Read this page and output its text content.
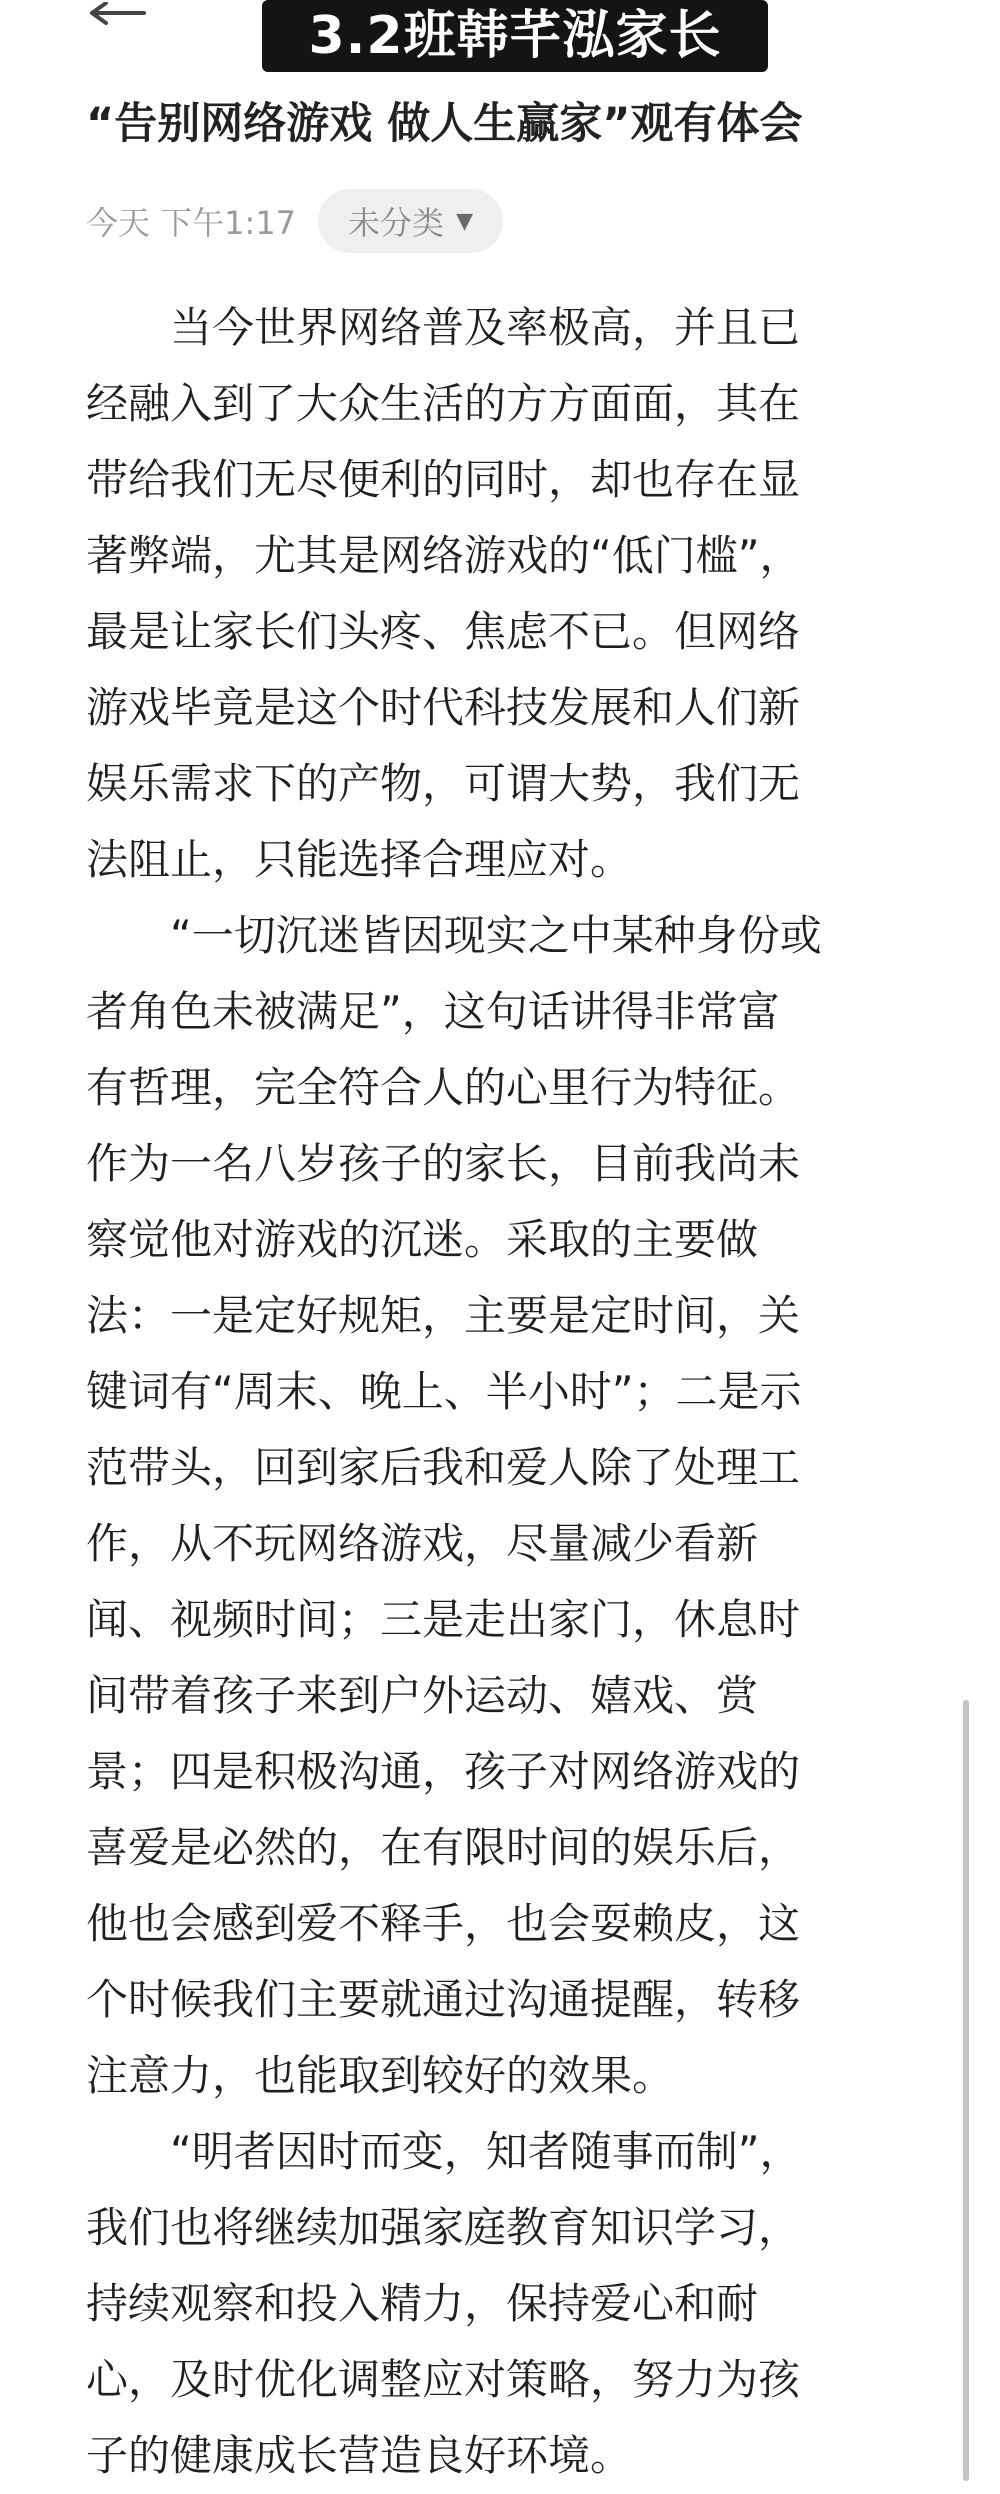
3.2班韩芊泓家长
“告别网络游戏 做人生赢家”观有体会
今天 下午1:17 未分类 ▼
　　当今世界网络普及率极高，并且已
经融入到了大众生活的方方面面，其在
带给我们无尽便利的同时，却也存在显
著弊端，尤其是网络游戏的“低门槛”，
最是让家长们头疼、焦虑不已。但网络
游戏毕竟是这个时代科技发展和人们新
娱乐需求下的产物，可谓大势，我们无
法阻止，只能选择合理应对。
　　“一切沉迷皆因现实之中某种身份或
者角色未被满足”，这句话讲得非常富
有哲理，完全符合人的心里行为特征。
作为一名八岁孩子的家长，目前我尚未
察觉他对游戏的沉迷。采取的主要做
法：一是定好规矩，主要是定时间，关
键词有“周末、晚上、半小时”；二是示
范带头，回到家后我和爱人除了处理工
作，从不玩网络游戏，尽量减少看新
闻、视频时间；三是走出家门，休息时
间带着孩子来到户外运动、嬉戏、赏
景；四是积极沟通，孩子对网络游戏的
喜爱是必然的，在有限时间的娱乐后，
他也会感到爱不释手，也会耍赖皮，这
个时候我们主要就通过沟通提醒，转移
注意力，也能取到较好的效果。
　　“明者因时而变，知者随事而制”，
我们也将继续加强家庭教育知识学习，
持续观察和投入精力，保持爱心和耐
心，及时优化调整应对策略，努力为孩
子的健康成长营造良好环境。
